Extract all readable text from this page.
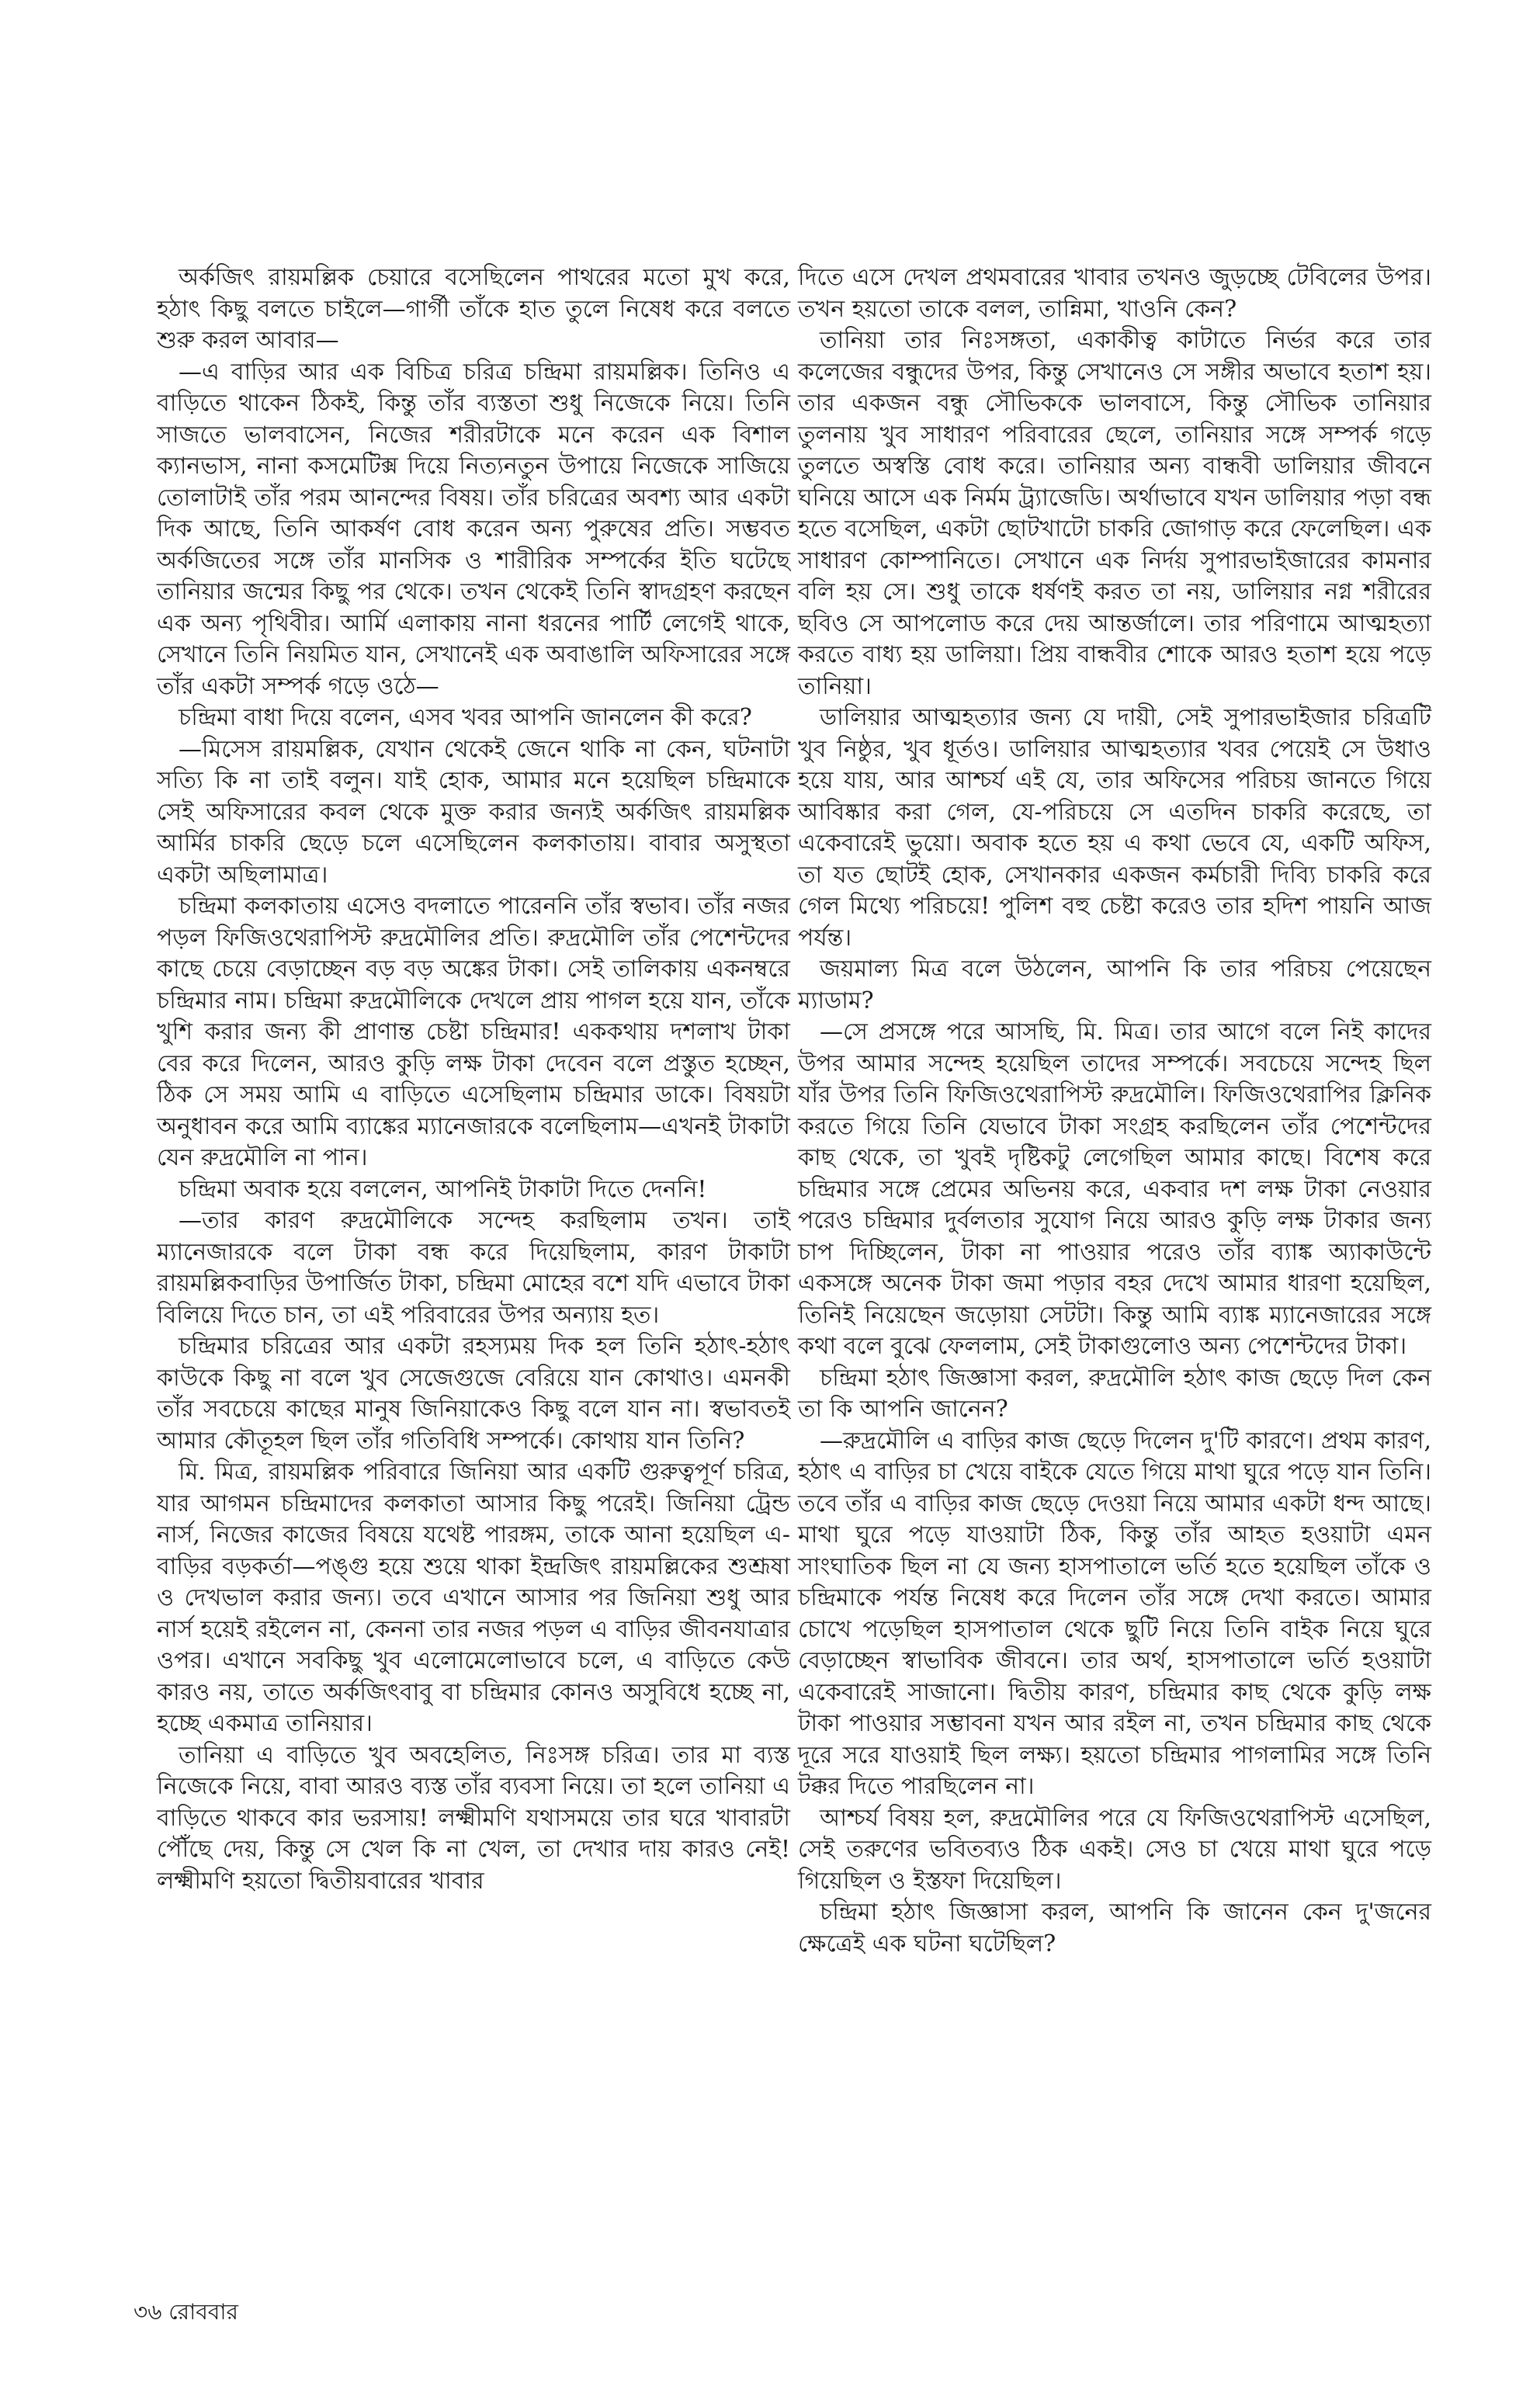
অর্কজিৎ রায়মল্লিক চেয়ারে বসেছিলেন পাথরের মতো মুখ করে, হঠাৎ কিছু বলতে চাইলে—গার্গী তাঁকে হাত তুলে নিষেধ করে বলতে শুরু করল আবার—

—এ বাড়ির আর এক বিচিত্র চরিত্র চন্দ্রিমা রায়মল্লিক। তিনিও এ বাড়িতে থাকেন ঠিকই, কিন্তু তাঁর ব্যস্ততা শুধু নিজেকে নিয়ে। তিনি সাজতে ভালবাসেন, নিজের শরীরটাকে মনে করেন এক বিশাল ক্যানভাস, নানা কসমেটিক্স দিয়ে নিত্যনতুন উপায়ে নিজেকে সাজিয়ে তোলাটাই তাঁর পরম আনন্দের বিষয়। তাঁর চরিত্রের অবশ্য আর একটা দিক আছে, তিনি আকর্ষণ বোধ করেন অন্য পুরুষের প্রতি। সম্ভবত অর্কজিতের সঙ্গে তাঁর মানসিক ও শারীরিক সম্পর্কের ইতি ঘটেছে তানিয়ার জন্মের কিছু পর থেকে। তখন থেকেই তিনি স্বাদগ্রহণ করছেন এক অন্য পৃথিবীর। আর্মি এলাকায় নানা ধরনের পার্টি লেগেই থাকে, সেখানে তিনি নিয়মিত যান, সেখানেই এক অবাঙালি অফিসারের সঙ্গে তাঁর একটা সম্পর্ক গড়ে ওঠে—

চন্দ্রিমা বাধা দিয়ে বলেন, এসব খবর আপনি জানলেন কী করে?

—মিসেস রায়মল্লিক, যেখান থেকেই জেনে থাকি না কেন, ঘটনাটা সত্যি কি না তাই বলুন। যাই হোক, আমার মনে হয়েছিল চন্দ্রিমাকে সেই অফিসারের কবল থেকে মুক্ত করার জন্যই অর্কজিৎ রায়মল্লিক আর্মির চাকরি ছেড়ে চলে এসেছিলেন কলকাতায়। বাবার অসুস্থতা একটা অছিলামাত্র।

চন্দ্রিমা কলকাতায় এসেও বদলাতে পারেননি তাঁর স্বভাব। তাঁর নজর পড়ল ফিজিওথেরাপিস্ট রুদ্রমৌলির প্রতি। রুদ্রমৌলি তাঁর পেশেন্টদের কাছে চেয়ে বেড়াচ্ছেন বড় বড় অঙ্কের টাকা। সেই তালিকায় একনম্বরে চন্দ্রিমার নাম। চন্দ্রিমা রুদ্রমৌলিকে দেখলে প্রায় পাগল হয়ে যান, তাঁকে খুশি করার জন্য কী প্রাণান্ত চেষ্টা চন্দ্রিমার! এককথায় দশলাখ টাকা বের করে দিলেন, আরও কুড়ি লক্ষ টাকা দেবেন বলে প্রস্তুত হচ্ছেন, ঠিক সে সময় আমি এ বাড়িতে এসেছিলাম চন্দ্রিমার ডাকে। বিষয়টা অনুধাবন করে আমি ব্যাঙ্কের ম্যানেজারকে বলেছিলাম—এখনই টাকাটা যেন রুদ্রমৌলি না পান।

চন্দ্রিমা অবাক হয়ে বললেন, আপনিই টাকাটা দিতে দেননি!

—তার কারণ রুদ্রমৌলিকে সন্দেহ করছিলাম তখন। তাই ম্যানেজারকে বলে টাকা বন্ধ করে দিয়েছিলাম, কারণ টাকাটা রায়মল্লিকবাড়ির উপার্জিত টাকা, চন্দ্রিমা মোহের বশে যদি এভাবে টাকা বিলিয়ে দিতে চান, তা এই পরিবারের উপর অন্যায় হত।

চন্দ্রিমার চরিত্রের আর একটা রহস্যময় দিক হল তিনি হঠাৎ-হঠাৎ কাউকে কিছু না বলে খুব সেজেগুজে বেরিয়ে যান কোথাও। এমনকী তাঁর সবচেয়ে কাছের মানুষ জিনিয়াকেও কিছু বলে যান না। স্বভাবতই আমার কৌতূহল ছিল তাঁর গতিবিধি সম্পর্কে। কোথায় যান তিনি?

মি. মিত্র, রায়মল্লিক পরিবারে জিনিয়া আর একটি গুরুত্বপূর্ণ চরিত্র, যার আগমন চন্দ্রিমাদের কলকাতা আসার কিছু পরেই। জিনিয়া ট্রেন্ড নার্স, নিজের কাজের বিষয়ে যথেষ্ট পারঙ্গম, তাকে আনা হয়েছিল এ-বাড়ির বড়কর্তা—পঙ্গু হয়ে শুয়ে থাকা ইন্দ্রজিৎ রায়মল্লিকের শুশ্রূষা ও দেখভাল করার জন্য। তবে এখানে আসার পর জিনিয়া শুধু আর নার্স হয়েই রইলেন না, কেননা তার নজর পড়ল এ বাড়ির জীবনযাত্রার ওপর। এখানে সবকিছু খুব এলোমেলোভাবে চলে, এ বাড়িতে কেউ কারও নয়, তাতে অর্কজিৎবাবু বা চন্দ্রিমার কোনও অসুবিধে হচ্ছে না, হচ্ছে একমাত্র তানিয়ার।

তানিয়া এ বাড়িতে খুব অবহেলিত, নিঃসঙ্গ চরিত্র। তার মা ব্যস্ত নিজেকে নিয়ে, বাবা আরও ব্যস্ত তাঁর ব্যবসা নিয়ে। তা হলে তানিয়া এ বাড়িতে থাকবে কার ভরসায়! লক্ষ্মীমণি যথাসময়ে তার ঘরে খাবারটা পৌঁছে দেয়, কিন্তু সে খেল কি না খেল, তা দেখার দায় কারও নেই! লক্ষ্মীমণি হয়তো দ্বিতীয়বারের খাবার

দিতে এসে দেখল প্রথমবারের খাবার তখনও জুড়চ্ছে টেবিলের উপর। তখন হয়তো তাকে বলল, তান্নিমা, খাওনি কেন?

তানিয়া তার নিঃসঙ্গতা, একাকীত্ব কাটাতে নির্ভর করে তার কলেজের বন্ধুদের উপর, কিন্তু সেখানেও সে সঙ্গীর অভাবে হতাশ হয়। তার একজন বন্ধু সৌভিককে ভালবাসে, কিন্তু সৌভিক তানিয়ার তুলনায় খুব সাধারণ পরিবারের ছেলে, তানিয়ার সঙ্গে সম্পর্ক গড়ে তুলতে অস্বস্তি বোধ করে। তানিয়ার অন্য বান্ধবী ডালিয়ার জীবনে ঘনিয়ে আসে এক নির্মম ট্র্যাজেডি। অর্থাভাবে যখন ডালিয়ার পড়া বন্ধ হতে বসেছিল, একটা ছোটখাটো চাকরি জোগাড় করে ফেলেছিল। এক সাধারণ কোম্পানিতে। সেখানে এক নির্দয় সুপারভাইজারের কামনার বলি হয় সে। শুধু তাকে ধর্ষণই করত তা নয়, ডালিয়ার নগ্ন শরীরের ছবিও সে আপলোড করে দেয় আন্তর্জালে। তার পরিণামে আত্মহত্যা করতে বাধ্য হয় ডালিয়া। প্রিয় বান্ধবীর শোকে আরও হতাশ হয়ে পড়ে তানিয়া।

ডালিয়ার আত্মহত্যার জন্য যে দায়ী, সেই সুপারভাইজার চরিত্রটি খুব নিষ্ঠুর, খুব ধূর্তও। ডালিয়ার আত্মহত্যার খবর পেয়েই সে উধাও হয়ে যায়, আর আশ্চর্য এই যে, তার অফিসের পরিচয় জানতে গিয়ে আবিষ্কার করা গেল, যে-পরিচয়ে সে এতদিন চাকরি করেছে, তা একেবারেই ভুয়ো। অবাক হতে হয় এ কথা ভেবে যে, একটি অফিস, তা যত ছোটই হোক, সেখানকার একজন কর্মচারী দিব্যি চাকরি করে গেল মিথ্যে পরিচয়ে! পুলিশ বহু চেষ্টা করেও তার হদিশ পায়নি আজ পর্যন্ত।

জয়মাল্য মিত্র বলে উঠলেন, আপনি কি তার পরিচয় পেয়েছেন ম্যাডাম?

—সে প্রসঙ্গে পরে আসছি, মি. মিত্র। তার আগে বলে নিই কাদের উপর আমার সন্দেহ হয়েছিল তাদের সম্পর্কে। সবচেয়ে সন্দেহ ছিল যাঁর উপর তিনি ফিজিওথেরাপিস্ট রুদ্রমৌলি। ফিজিওথেরাপির ক্লিনিক করতে গিয়ে তিনি যেভাবে টাকা সংগ্রহ করছিলেন তাঁর পেশেন্টদের কাছ থেকে, তা খুবই দৃষ্টিকটু লেগেছিল আমার কাছে। বিশেষ করে চন্দ্রিমার সঙ্গে প্রেমের অভিনয় করে, একবার দশ লক্ষ টাকা নেওয়ার পরেও চন্দ্রিমার দুর্বলতার সুযোগ নিয়ে আরও কুড়ি লক্ষ টাকার জন্য চাপ দিচ্ছিলেন, টাকা না পাওয়ার পরেও তাঁর ব্যাঙ্ক অ্যাকাউন্টে একসঙ্গে অনেক টাকা জমা পড়ার বহর দেখে আমার ধারণা হয়েছিল, তিনিই নিয়েছেন জড়োয়া সেটটা। কিন্তু আমি ব্যাঙ্ক ম্যানেজারের সঙ্গে কথা বলে বুঝে ফেললাম, সেই টাকাগুলোও অন্য পেশেন্টদের টাকা।

চন্দ্রিমা হঠাৎ জিজ্ঞাসা করল, রুদ্রমৌলি হঠাৎ কাজ ছেড়ে দিল কেন তা কি আপনি জানেন?

—রুদ্রমৌলি এ বাড়ির কাজ ছেড়ে দিলেন দু'টি কারণে। প্রথম কারণ, হঠাৎ এ বাড়ির চা খেয়ে বাইকে যেতে গিয়ে মাথা ঘুরে পড়ে যান তিনি। তবে তাঁর এ বাড়ির কাজ ছেড়ে দেওয়া নিয়ে আমার একটা ধন্দ আছে। মাথা ঘুরে পড়ে যাওয়াটা ঠিক, কিন্তু তাঁর আহত হওয়াটা এমন সাংঘাতিক ছিল না যে জন্য হাসপাতালে ভর্তি হতে হয়েছিল তাঁকে ও চন্দ্রিমাকে পর্যন্ত নিষেধ করে দিলেন তাঁর সঙ্গে দেখা করতে। আমার চোখে পড়েছিল হাসপাতাল থেকে ছুটি নিয়ে তিনি বাইক নিয়ে ঘুরে বেড়াচ্ছেন স্বাভাবিক জীবনে। তার অর্থ, হাসপাতালে ভর্তি হওয়াটা একেবারেই সাজানো। দ্বিতীয় কারণ, চন্দ্রিমার কাছ থেকে কুড়ি লক্ষ টাকা পাওয়ার সম্ভাবনা যখন আর রইল না, তখন চন্দ্রিমার কাছ থেকে দূরে সরে যাওয়াই ছিল লক্ষ্য। হয়তো চন্দ্রিমার পাগলামির সঙ্গে তিনি টক্কর দিতে পারছিলেন না।

আশ্চর্য বিষয় হল, রুদ্রমৌলির পরে যে ফিজিওথেরাপিস্ট এসেছিল, সেই তরুণের ভবিতব্যও ঠিক একই। সেও চা খেয়ে মাথা ঘুরে পড়ে গিয়েছিল ও ইস্তফা দিয়েছিল।

চন্দ্রিমা হঠাৎ জিজ্ঞাসা করল, আপনি কি জানেন কেন দু'জনের ক্ষেত্রেই এক ঘটনা ঘটেছিল?

৩৬ রোববার
